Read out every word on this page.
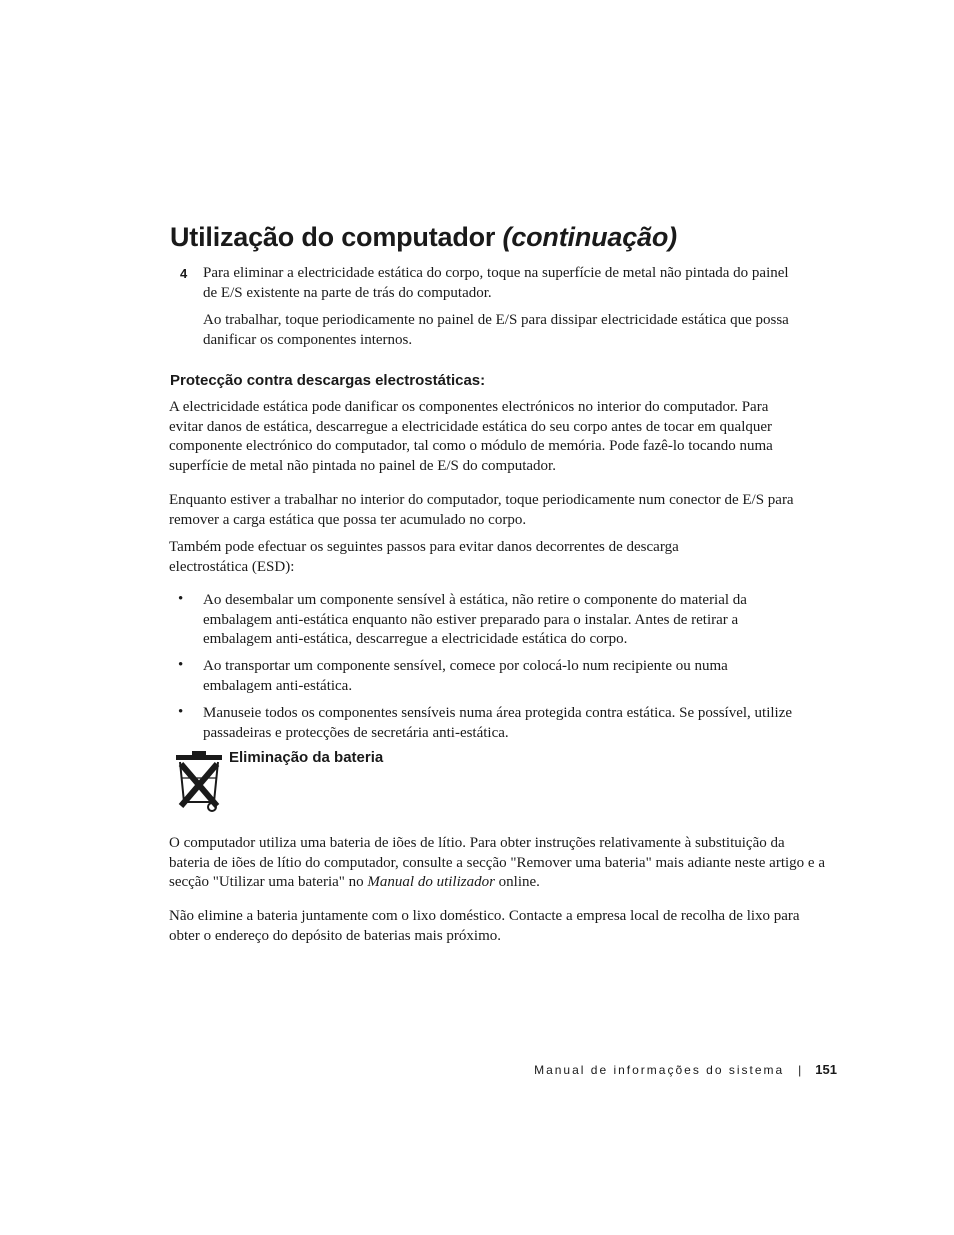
Utilização do computador (continuação)
4 Para eliminar a electricidade estática do corpo, toque na superfície de metal não pintada do painel de E/S existente na parte de trás do computador.

Ao trabalhar, toque periodicamente no painel de E/S para dissipar electricidade estática que possa danificar os componentes internos.

Protecção contra descargas electrostáticas:

A electricidade estática pode danificar os componentes electrónicos no interior do computador. Para evitar danos de estática, descarregue a electricidade estática do seu corpo antes de tocar em qualquer componente electrónico do computador, tal como o módulo de memória. Pode fazê-lo tocando numa superfície de metal não pintada no painel de E/S do computador.

Enquanto estiver a trabalhar no interior do computador, toque periodicamente num conector de E/S para remover a carga estática que possa ter acumulado no corpo.

Também pode efectuar os seguintes passos para evitar danos decorrentes de descarga electrostática (ESD):

• Ao desembalar um componente sensível à estática, não retire o componente do material da embalagem anti-estática enquanto não estiver preparado para o instalar. Antes de retirar a embalagem anti-estática, descarregue a electricidade estática do corpo.

• Ao transportar um componente sensível, comece por colocá-lo num recipiente ou numa embalagem anti-estática.

• Manuseie todos os componentes sensíveis numa área protegida contra estática. Se possível, utilize passadeiras e protecções de secretária anti-estática.

Eliminação da bateria

O computador utiliza uma bateria de iões de lítio. Para obter instruções relativamente à substituição da bateria de iões de lítio do computador, consulte a secção "Remover uma bateria" mais adiante neste artigo e a secção "Utilizar uma bateria" no Manual do utilizador online.

Não elimine a bateria juntamente com o lixo doméstico. Contacte a empresa local de recolha de lixo para obter o endereço do depósito de baterias mais próximo.

Manual de informações do sistema | 151
